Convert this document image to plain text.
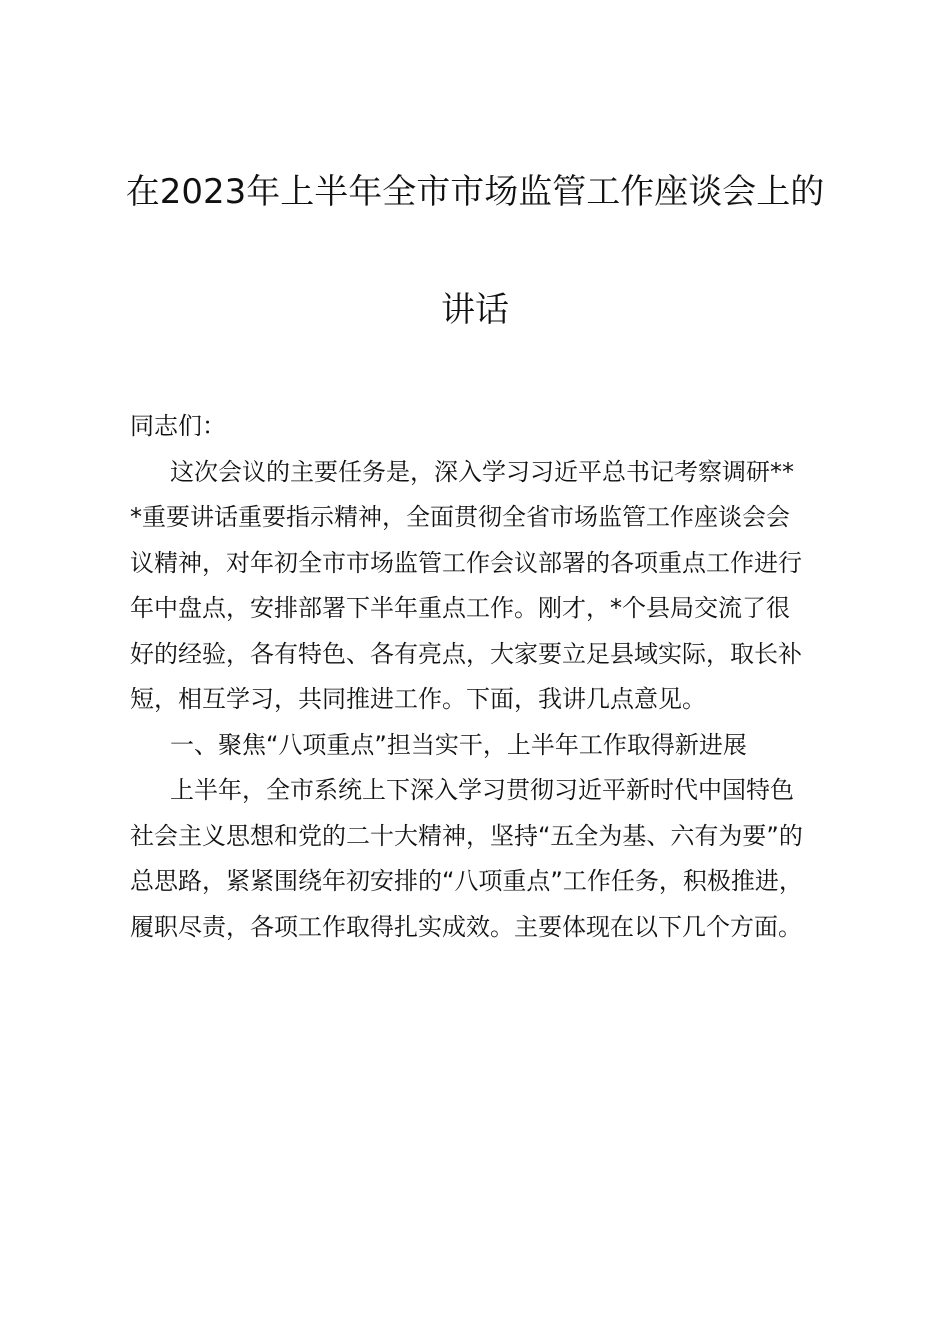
在2023年上半年全市市场监管工作座谈会上的
讲话

同志们：

这次会议的主要任务是，深入学习习近平总书记考察调研**

*重要讲话重要指示精神，全面贯彻全省市场监管工作座谈会会

议精神，对年初全市市场监管工作会议部署的各项重点工作进行

年中盘点，安排部署下半年重点工作。刚才，*个县局交流了很

好的经验，各有特色、各有亮点，大家要立足县域实际，取长补

短，相互学习，共同推进工作。下面，我讲几点意见。

一、聚焦“八项重点”担当实干，上半年工作取得新进展

上半年，全市系统上下深入学习贯彻习近平新时代中国特色

社会主义思想和党的二十大精神，坚持“五全为基、六有为要”的

总思路，紧紧围绕年初安排的“八项重点”工作任务，积极推进，

履职尽责，各项工作取得扎实成效。主要体现在以下几个方面。
